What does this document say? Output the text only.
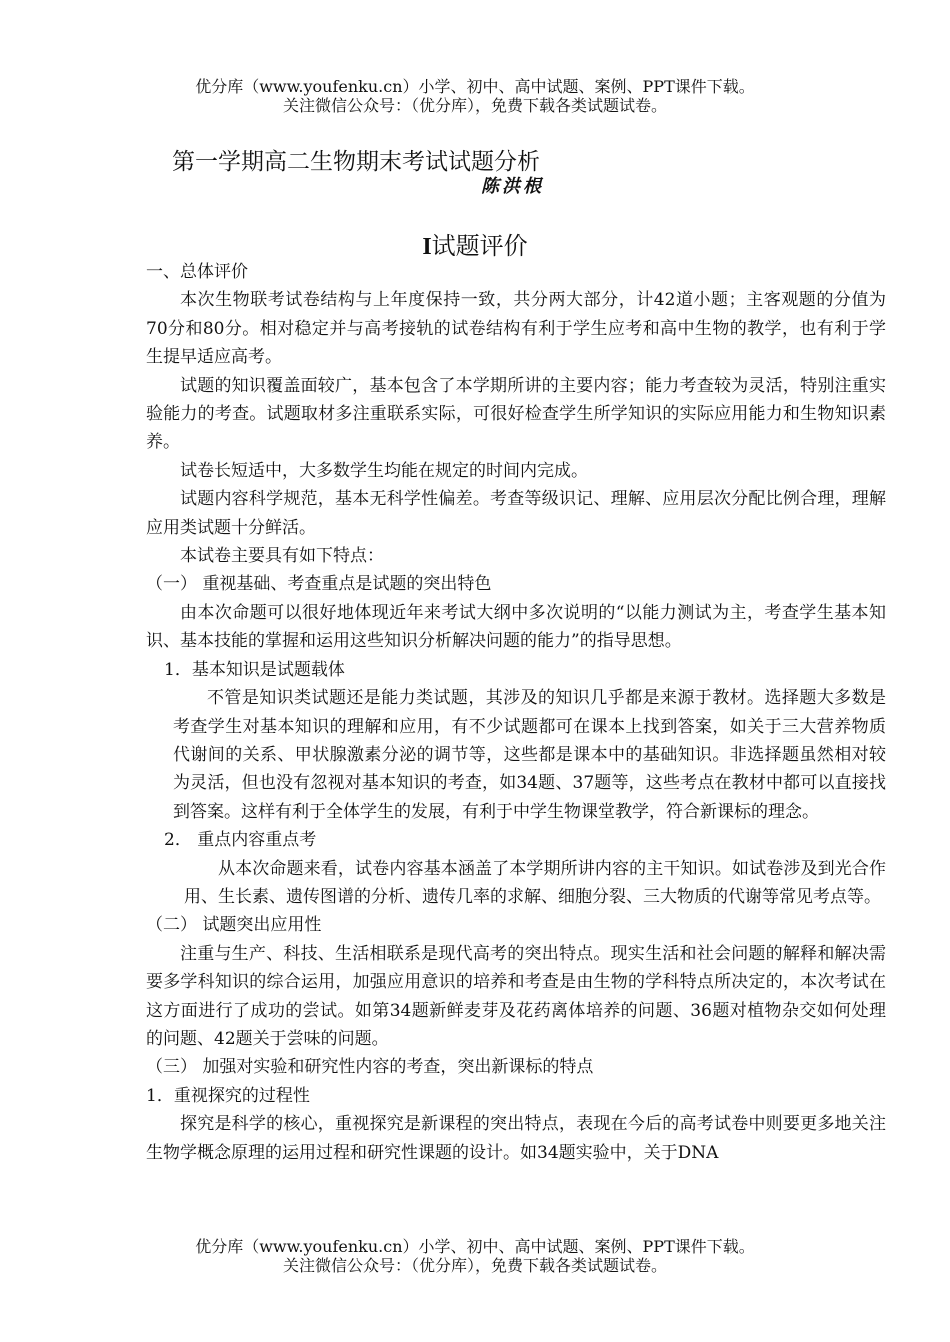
优分库（www.youfenku.cn）小学、初中、高中试题、案例、PPT课件下载。
关注微信公众号：（优分库），免费下载各类试题试卷。
第一学期高二生物期末考试试题分析
陈洪根
I试题评价

一、总体评价

本次生物联考试卷结构与上年度保持一致，共分两大部分，计42道小题；主客观题的分值为70分和80分。相对稳定并与高考接轨的试卷结构有利于学生应考和高中生物的教学，也有利于学生提早适应高考。

试题的知识覆盖面较广，基本包含了本学期所讲的主要内容；能力考查较为灵活，特别注重实验能力的考查。试题取材多注重联系实际，可很好检查学生所学知识的实际应用能力和生物知识素养。

试卷长短适中，大多数学生均能在规定的时间内完成。

试题内容科学规范，基本无科学性偏差。考查等级识记、理解、应用层次分配比例合理，理解应用类试题十分鲜活。

本试卷主要具有如下特点：

（一） 重视基础、考查重点是试题的突出特色

由本次命题可以很好地体现近年来考试大纲中多次说明的“以能力测试为主，考查学生基本知识、基本技能的掌握和运用这些知识分析解决问题的能力”的指导思想。

1．基本知识是试题载体

不管是知识类试题还是能力类试题，其涉及的知识几乎都是来源于教材。选择题大多数是考查学生对基本知识的理解和应用，有不少试题都可在课本上找到答案，如关于三大营养物质代谢间的关系、甲状腺激素分泌的调节等，这些都是课本中的基础知识。非选择题虽然相对较为灵活，但也没有忽视对基本知识的考查，如34题、37题等，这些考点在教材中都可以直接找到答案。这样有利于全体学生的发展，有利于中学生物课堂教学，符合新课标的理念。

2． 重点内容重点考

从本次命题来看，试卷内容基本涵盖了本学期所讲内容的主干知识。如试卷涉及到光合作用、生长素、遗传图谱的分析、遗传几率的求解、细胞分裂、三大物质的代谢等常见考点等。

（二） 试题突出应用性

注重与生产、科技、生活相联系是现代高考的突出特点。现实生活和社会问题的解释和解决需要多学科知识的综合运用，加强应用意识的培养和考查是由生物的学科特点所决定的，本次考试在这方面进行了成功的尝试。如第34题新鲜麦芽及花药离体培养的问题、36题对植物杂交如何处理的问题、42题关于尝味的问题。

（三） 加强对实验和研究性内容的考查，突出新课标的特点

1．重视探究的过程性

探究是科学的核心，重视探究是新课程的突出特点，表现在今后的高考试卷中则要更多地关注生物学概念原理的运用过程和研究性课题的设计。如34题实验中，关于DNA

优分库（www.youfenku.cn）小学、初中、高中试题、案例、PPT课件下载。
关注微信公众号：（优分库），免费下载各类试题试卷。
